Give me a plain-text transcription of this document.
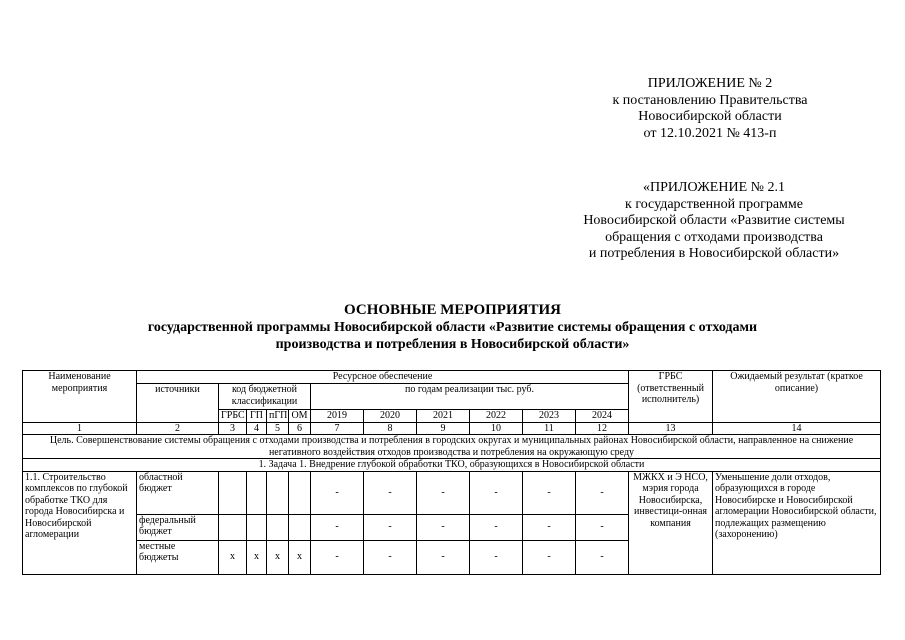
ПРИЛОЖЕНИЕ № 2
к постановлению Правительства
Новосибирской области
от 12.10.2021 № 413-п
«ПРИЛОЖЕНИЕ № 2.1
к государственной программе
Новосибирской области «Развитие системы
обращения с отходами производства
и потребления в Новосибирской области»
ОСНОВНЫЕ МЕРОПРИЯТИЯ
государственной программы Новосибирской области «Развитие системы обращения с отходами
производства и потребления в Новосибирской области»
Наименование мероприятия	Ресурсное обеспечение											ГРБС (ответственный исполнитель)	Ожидаемый результат (краткое описание)
	источники	код бюджетной классификации				по годам реализации тыс. руб.							
		ГРБС	ГП	пГП	ОМ	2019	2020	2021	2022	2023	2024		
1	2	3	4	5	6	7	8	9	10	11	12	13	14
Цель. Совершенствование системы обращения с отходами производства и потребления в городских округах и муниципальных районах Новосибирской области, направленное на снижение негативного воздействия отходов производства и потребления на окружающую среду													
1. Задача 1. Внедрение глубокой обработки ТКО, образующихся в Новосибирской области													
1.1. Строительство комплексов по глубокой обработке ТКО для города Новосибирска и Новосибирской агломерации	областной бюджет					-	-	-	-	-	-	МЖКХ и Э НСО, мэрия города Новосибирска, инвестици-онная компания	Уменьшение доли отходов, образующихся в городе Новосибирске и Новосибирской агломерации Новосибирской области, подлежащих размещению (захоронению)
	федеральный бюджет					-	-	-	-	-	-		
	местные бюджеты	х	х	х	х	-	-	-	-	-	-		
